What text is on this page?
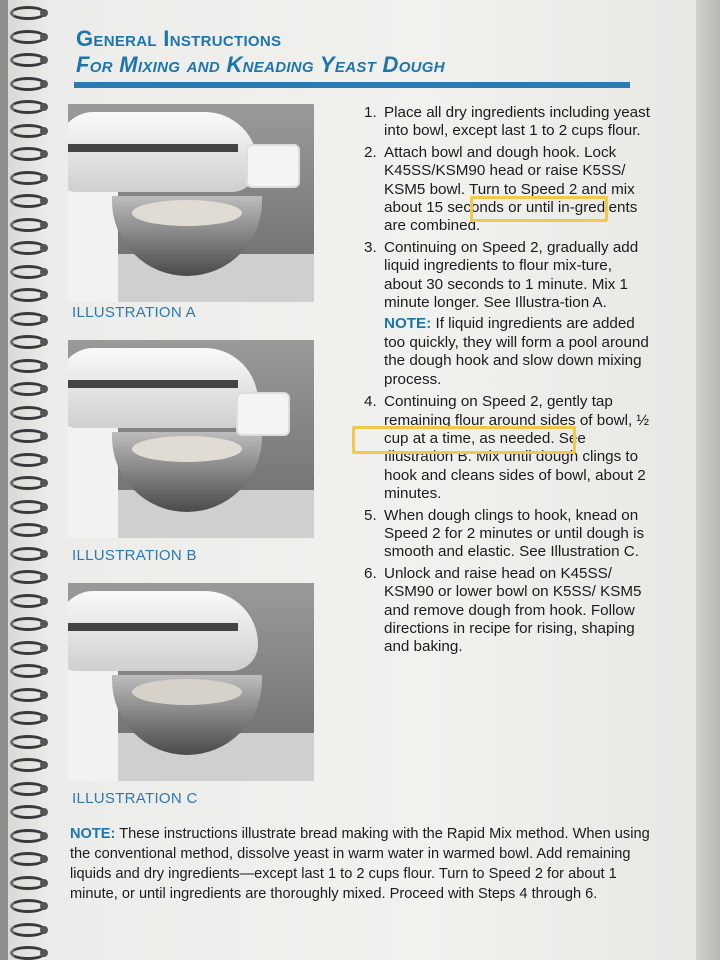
General Instructions
For Mixing and Kneading Yeast Dough
ILLUSTRATION A
ILLUSTRATION B
ILLUSTRATION C
1. Place all dry ingredients including yeast into bowl, except last 1 to 2 cups flour.
2. Attach bowl and dough hook. Lock K45SS/KSM90 head or raise K5SS/ KSM5 bowl. Turn to Speed 2 and mix about 15 seconds or until in-gredients are combined.
3. Continuing on Speed 2, gradually add liquid ingredients to flour mix-ture, about 30 seconds to 1 minute. Mix 1 minute longer. See Illustra-tion A.
NOTE: If liquid ingredients are added too quickly, they will form a pool around the dough hook and slow down mixing process.
4. Continuing on Speed 2, gently tap remaining flour around sides of bowl, ½ cup at a time, as needed. See Illustration B. Mix until dough clings to hook and cleans sides of bowl, about 2 minutes.
5. When dough clings to hook, knead on Speed 2 for 2 minutes or until dough is smooth and elastic. See Illustration C.
6. Unlock and raise head on K45SS/ KSM90 or lower bowl on K5SS/ KSM5 and remove dough from hook. Follow directions in recipe for rising, shaping and baking.
NOTE: These instructions illustrate bread making with the Rapid Mix method. When using the conventional method, dissolve yeast in warm water in warmed bowl. Add remaining liquids and dry ingredients—except last 1 to 2 cups flour. Turn to Speed 2 for about 1 minute, or until ingredients are thoroughly mixed. Proceed with Steps 4 through 6.
